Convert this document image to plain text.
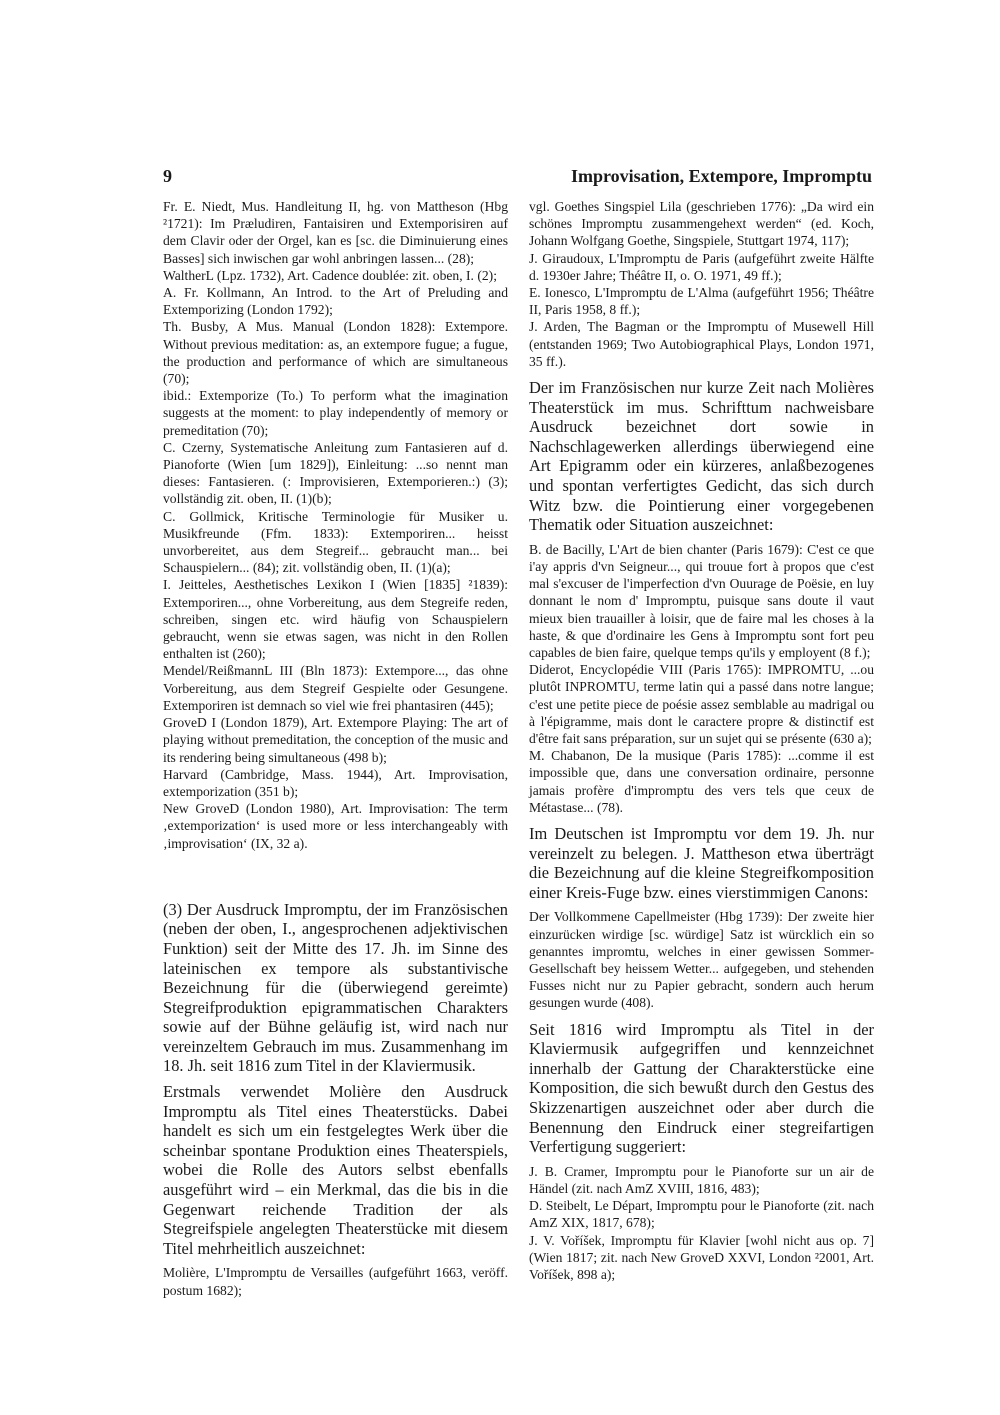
9	Improvisation, Extempore, Impromptu

Fr. E. Niedt, Mus. Handleitung II, hg. von Mattheson (Hbg ²1721): Im Præludiren, Fantaisiren und Extemporisiren auf dem Clavir oder der Orgel, kan es [sc. die Diminuierung eines Basses] sich inwischen gar wohl anbringen lassen... (28);

WaltherL (Lpz. 1732), Art. Cadence doublée: zit. oben, I. (2);

A. Fr. Kollmann, An Introd. to the Art of Preluding and Extemporizing (London 1792);

Th. Busby, A Mus. Manual (London 1828): Extempore. Without previous meditation: as, an extempore fugue; a fugue, the production and performance of which are simultaneous (70);

ibid.: Extemporize (To.) To perform what the imagination suggests at the moment: to play independently of memory or premeditation (70);

C. Czerny, Systematische Anleitung zum Fantasieren auf d. Pianoforte (Wien [um 1829]), Einleitung: ...so nennt man dieses: Fantasieren. (: Improvisieren, Extemporieren.:) (3); vollständig zit. oben, II. (1)(b);

C. Gollmick, Kritische Terminologie für Musiker u. Musikfreunde (Ffm. 1833): Extemporiren... heisst unvorbereitet, aus dem Stegreif... gebraucht man... bei Schauspielern... (84); zit. vollständig oben, II. (1)(a);

I. Jeitteles, Aesthetisches Lexikon I (Wien [1835] ²1839): Extemporiren..., ohne Vorbereitung, aus dem Stegreife reden, schreiben, singen etc. wird häufig von Schauspielern gebraucht, wenn sie etwas sagen, was nicht in den Rollen enthalten ist (260);

Mendel/ReißmannL III (Bln 1873): Extempore..., das ohne Vorbereitung, aus dem Stegreif Gespielte oder Gesungene. Extemporiren ist demnach so viel wie frei phantasiren (445);

GroveD I (London 1879), Art. Extempore Playing: The art of playing without premeditation, the conception of the music and its rendering being simultaneous (498 b);

Harvard (Cambridge, Mass. 1944), Art. Improvisation, extemporization (351 b);

New GroveD (London 1980), Art. Improvisation: The term ‚extemporization‘ is used more or less interchangeably with ‚improvisation‘ (IX, 32 a).

(3) Der Ausdruck Impromptu, der im Französischen (neben der oben, I., angesprochenen adjektivischen Funktion) seit der Mitte des 17. Jh. im Sinne des lateinischen ex tempore als substantivische Bezeichnung für die (überwiegend gereimte) Stegreifproduktion epigrammatischen Charakters sowie auf der Bühne geläufig ist, wird nach nur vereinzeltem Gebrauch im mus. Zusammenhang im 18. Jh. seit 1816 zum Titel in der Klaviermusik.

Erstmals verwendet Molière den Ausdruck Impromptu als Titel eines Theaterstücks. Dabei handelt es sich um ein festgelegtes Werk über die scheinbar spontane Produktion eines Theaterspiels, wobei die Rolle des Autors selbst ebenfalls ausgeführt wird – ein Merkmal, das die bis in die Gegenwart reichende Tradition der als Stegreifspiele angelegten Theaterstücke mit diesem Titel mehrheitlich auszeichnet:

Molière, L'Impromptu de Versailles (aufgeführt 1663, veröff. postum 1682);

vgl. Goethes Singspiel Lila (geschrieben 1776): „Da wird ein schönes Impromptu zusammengehext werden“ (ed. Koch, Johann Wolfgang Goethe, Singspiele, Stuttgart 1974, 117);

J. Giraudoux, L'Impromptu de Paris (aufgeführt zweite Hälfte d. 1930er Jahre; Théâtre II, o. O. 1971, 49 ff.);

E. Ionesco, L'Impromptu de L'Alma (aufgeführt 1956; Théâtre II, Paris 1958, 8 ff.);

J. Arden, The Bagman or the Impromptu of Musewell Hill (entstanden 1969; Two Autobiographical Plays, London 1971, 35 ff.).

Der im Französischen nur kurze Zeit nach Molières Theaterstück im mus. Schrifttum nachweisbare Ausdruck bezeichnet dort sowie in Nachschlagewerken allerdings überwiegend eine Art Epigramm oder ein kürzeres, anlaßbezogenes und spontan verfertigtes Gedicht, das sich durch Witz bzw. die Pointierung einer vorgegebenen Thematik oder Situation auszeichnet:

B. de Bacilly, L'Art de bien chanter (Paris 1679): C'est ce que i'ay appris d'vn Seigneur..., qui trouue fort à propos que c'est mal s'excuser de l'imperfection d'vn Ouurage de Poësie, en luy donnant le nom d' Impromptu, puisque sans doute il vaut mieux bien trauailler à loisir, que de faire mal les choses à la haste, & que d'ordinaire les Gens à Impromptu sont fort peu capables de bien faire, quelque temps qu'ils y employent (8 f.);

Diderot, Encyclopédie VIII (Paris 1765): IMPROMTU, ...ou plutôt INPROMTU, terme latin qui a passé dans notre langue; c'est une petite piece de poésie assez semblable au madrigal ou à l'épigramme, mais dont le caractere propre & distinctif est d'être fait sans préparation, sur un sujet qui se présente (630 a);

M. Chabanon, De la musique (Paris 1785): ...comme il est impossible que, dans une conversation ordinaire, personne jamais profère d'impromptu des vers tels que ceux de Métastase... (78).

Im Deutschen ist Impromptu vor dem 19. Jh. nur vereinzelt zu belegen. J. Mattheson etwa überträgt die Bezeichnung auf die kleine Stegreifkomposition einer Kreis-Fuge bzw. eines vierstimmigen Canons:

Der Vollkommene Capellmeister (Hbg 1739): Der zweite hier einzurücken wirdige [sc. würdige] Satz ist würcklich ein so genanntes impromtu, welches in einer gewissen Sommer-Gesellschaft bey heissem Wetter... aufgegeben, und stehenden Fusses nicht nur zu Papier gebracht, sondern auch herum gesungen wurde (408).

Seit 1816 wird Impromptu als Titel in der Klaviermusik aufgegriffen und kennzeichnet innerhalb der Gattung der Charakterstücke eine Komposition, die sich bewußt durch den Gestus des Skizzenartigen auszeichnet oder aber durch die Benennung den Eindruck einer stegreifartigen Verfertigung suggeriert:

J. B. Cramer, Impromptu pour le Pianoforte sur un air de Händel (zit. nach AmZ XVIII, 1816, 483);

D. Steibelt, Le Départ, Impromptu pour le Pianoforte (zit. nach AmZ XIX, 1817, 678);

J. V. Voříšek, Impromptu für Klavier [wohl nicht aus op. 7] (Wien 1817; zit. nach New GroveD XXVI, London ²2001, Art. Voříšek, 898 a);
